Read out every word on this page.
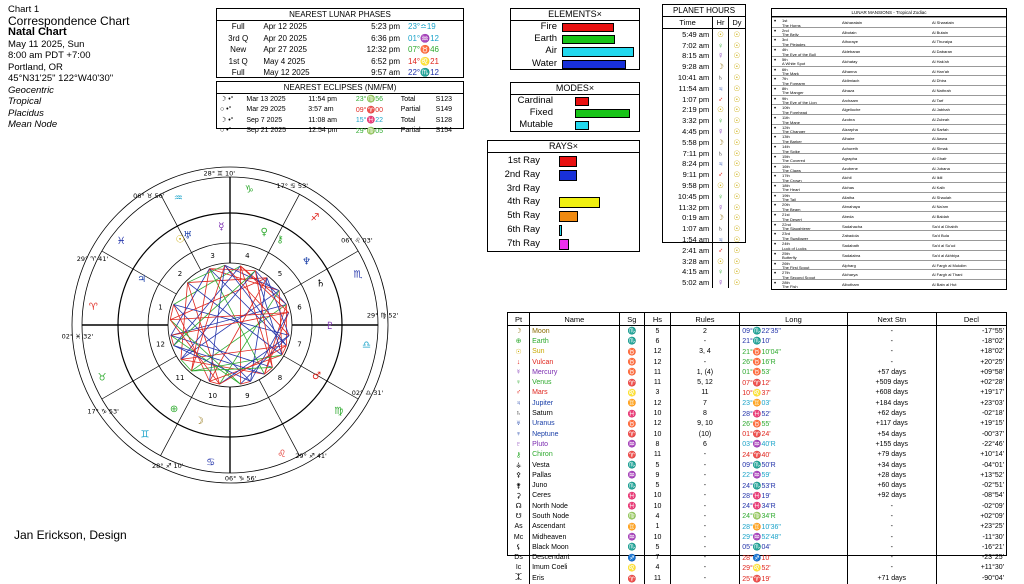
Chart 1
Correspondence Chart
Natal Chart
May 11 2025, Sun
8:00 am PDT +7:00
Portland, OR
45°N31'25" 122°W40'30"
Geocentric
Tropical
Placidus
Mean Node
Jan Erickson, Design
NEAREST LUNAR PHASES
Full	Apr 12 2025	5:23 pm	23°≏19
3rd Q	Apr 20 2025	6:36 pm	01°♒12
New	Apr 27 2025	12:32 pm	07°♉46
1st Q	May 4 2025	6:52 pm	14°♌21
Full	May 12 2025	9:57 am	22°♏12
NEAREST ECLIPSES (NM/FM)
☽ •°	Mar 13 2025	11:54 pm	23°♍56	Total	S123
○ •°	Mar 29 2025	3:57 am	09°♈00	Partial	S149
☽ •°	Sep 7 2025	11:08 am	15°♓22	Total	S128
○ •°	Sep 21 2025	12:54 pm	29°♍05	Partial	S154
ELEMENTS×
Fire
Earth
Air
Water
MODES×
Cardinal
Fixed
Mutable
RAYS×
1st Ray
2nd Ray
3rd Ray
4th Ray
5th Ray
6th Ray
7th Ray
PLANET HOURS
Time	Hr	Dy
5:49 am	☉	☉
7:02 am	♀	☉
8:15 am	☿	☉
9:28 am	☽	☉
10:41 am	♄	☉
11:54 am	♃	☉
1:07 pm	♂	☉
2:19 pm	☉	☉
3:32 pm	♀	☉
4:45 pm	☿	☉
5:58 pm	☽	☉
7:11 pm	♄	☉
8:24 pm	♃	☉
9:11 pm	♂	☉
9:58 pm	☉	☉
10:45 pm	♀	☉
11:32 pm	☿	☉
0:19 am	☽	☉
1:07 am	♄	☉
1:54 am	♃	☉
2:41 am	♂	☉
3:28 am	☉	☉
4:15 am	♀	☉
5:02 am	☿	☉
LUNAR MANSIONS - Tropical Zodiac
• 1st
The Horns	Alsharatain	Al Sharatain
• 2nd
The Belly	Albotain	Al Butain
• 3rd
The Pleiades	Athoraye	Al Thuraiya
• 4th
The Eye of the Bull	Aldebaran	Al Dabaran
• 5th
A White Spot	Alchatay	Al Hak'ah
• 6th
The Mark	Alhanna	Al Han'ah
• 7th
The Forearm	Aldimiach	Al Dhira
• 8th
The Manger	Alnaza	Al Nathrah
• 9th
The Eye of the Lion	Archaam	Al Tarf
• 10th
The Forehead	Algelioche	Al Jabhah
• 11th
The Mane	Azobra	Al Zubrah
• 12th
The Changer	Alzarpha	Al Sarfah
• 13th
The Barker	Alhaire	Al Awwa
• 14th
The Spike	Achureth	Al Simak
• 15th
The Covered	Agrapha	Al Ghafr
• 16th
The Claws	Azubene	Al Jubana
• 17th
The Crown	Alchil	Al Iklil
• 18th
The Heart	Alchas	Al Kalb
• 19th
The Tail	Allatha	Al Shaulah
• 20th
The Beam	Abnahaya	Al Na'am
• 21st
The Desert	Abeda	Al Baldah
• 22nd
The Slaughterer	Sadahacha	Sa'd al Dhabih
• 23rd
The Swallower	Zabadola	Sa'd Bula
• 24th
Luck of Lucks	Sadabath	Sa'd al Su'ud
• 25th
Butterfly	Sadalabra	Sa'd al Akhbiya
• 26th
The First Spout	Alpharg	Al Fargh al Mukdim
• 27th
The Second Spout	Alcharya	Al Fargh al Thani
• 28th
The Fish	Albotham	Al Batn al Hut
Pt	Name	Sg	Hs	Rules	Long	Next Stn	Decl
☽	Moon	♏	5	2	09°♏22'35"	-	-17°55'
⊕	Earth	♏	6	-	21°♏10'	-	-18°02'
☉	Sun	♉	12	3, 4	21°♉10'04"	-	+18°02'
↓	Vulcan	♉	12	-	26°♉16'R	-	+20°25'
☿	Mercury	♉	11	1, (4)	01°♉53'	+57 days	+09°58'
♀	Venus	♈	11	5, 12	07°♈12'	+509 days	+02°28'
♂	Mars	♌	3	11	10°♌37'	+608 days	+19°17'
♃	Jupiter	♊	12	7	23°♊03'	+184 days	+23°03'
♄	Saturn	♓	10	8	28°♓52'	+62 days	-02°18'
♅	Uranus	♉	12	9, 10	26°♉55'	+117 days	+19°15'
♆	Neptune	♈	10	(10)	01°♈24'	+54 days	-00°37'
♇	Pluto	♒	8	6	03°♒40'R	+155 days	-22°46'
⚷	Chiron	♈	11	-	24°♈40'	+79 days	+10°14'
⚶	Vesta	♏	5	-	09°♏50'R	+34 days	-04°01'
⚴	Pallas	♒	9	-	22°♒59'	+28 days	+13°52'
⚵	Juno	♏	5	-	24°♏53'R	+60 days	-02°51'
⚳	Ceres	♓	10	-	28°♓19'	+92 days	-08°54'
☊	North Node	♓	10	-	24°♓34'R	-	-02°09'
☋	South Node	♍	4	-	24°♍34'R	-	+02°09'
As	Ascendant	♊	1	-	28°♊10'36"	-	+23°25'
Mc	Midheaven	♒	10	-	29°♒52'48"	-	-11°30'
⚸	Black Moon	♏	5	-	05°♏04'	-	-16°21'
Ds	Descendant	♐	7	-	28°♐10'	-	-23°25'
Ic	Imum Coeli	♌	4	-	29°♌52'	-	+11°30'
⯰	Eris	♈	11	-	25°♈19'	+71 days	-90°04'
02° ♓ 32'
29° ♈ 41'
06° ♉ 56'
28° ♊ 10'
17° ♋ 53'
06° ♌ 03'
29° ♍ 52'
02° ♎ 31'
29° ♐ 41'
06° ♑ 56'
28° ♐ 10'
17° ♑ 53'
1
2
3	4
5
6
7
8
9
10
11
12
♈
♉
♊
♋
♌
♍
♎
♏
♐
♑
♒
♓
☽
⊕
☉
☿
♀
♂
♃	♄
♅
♆
♇
⚷
